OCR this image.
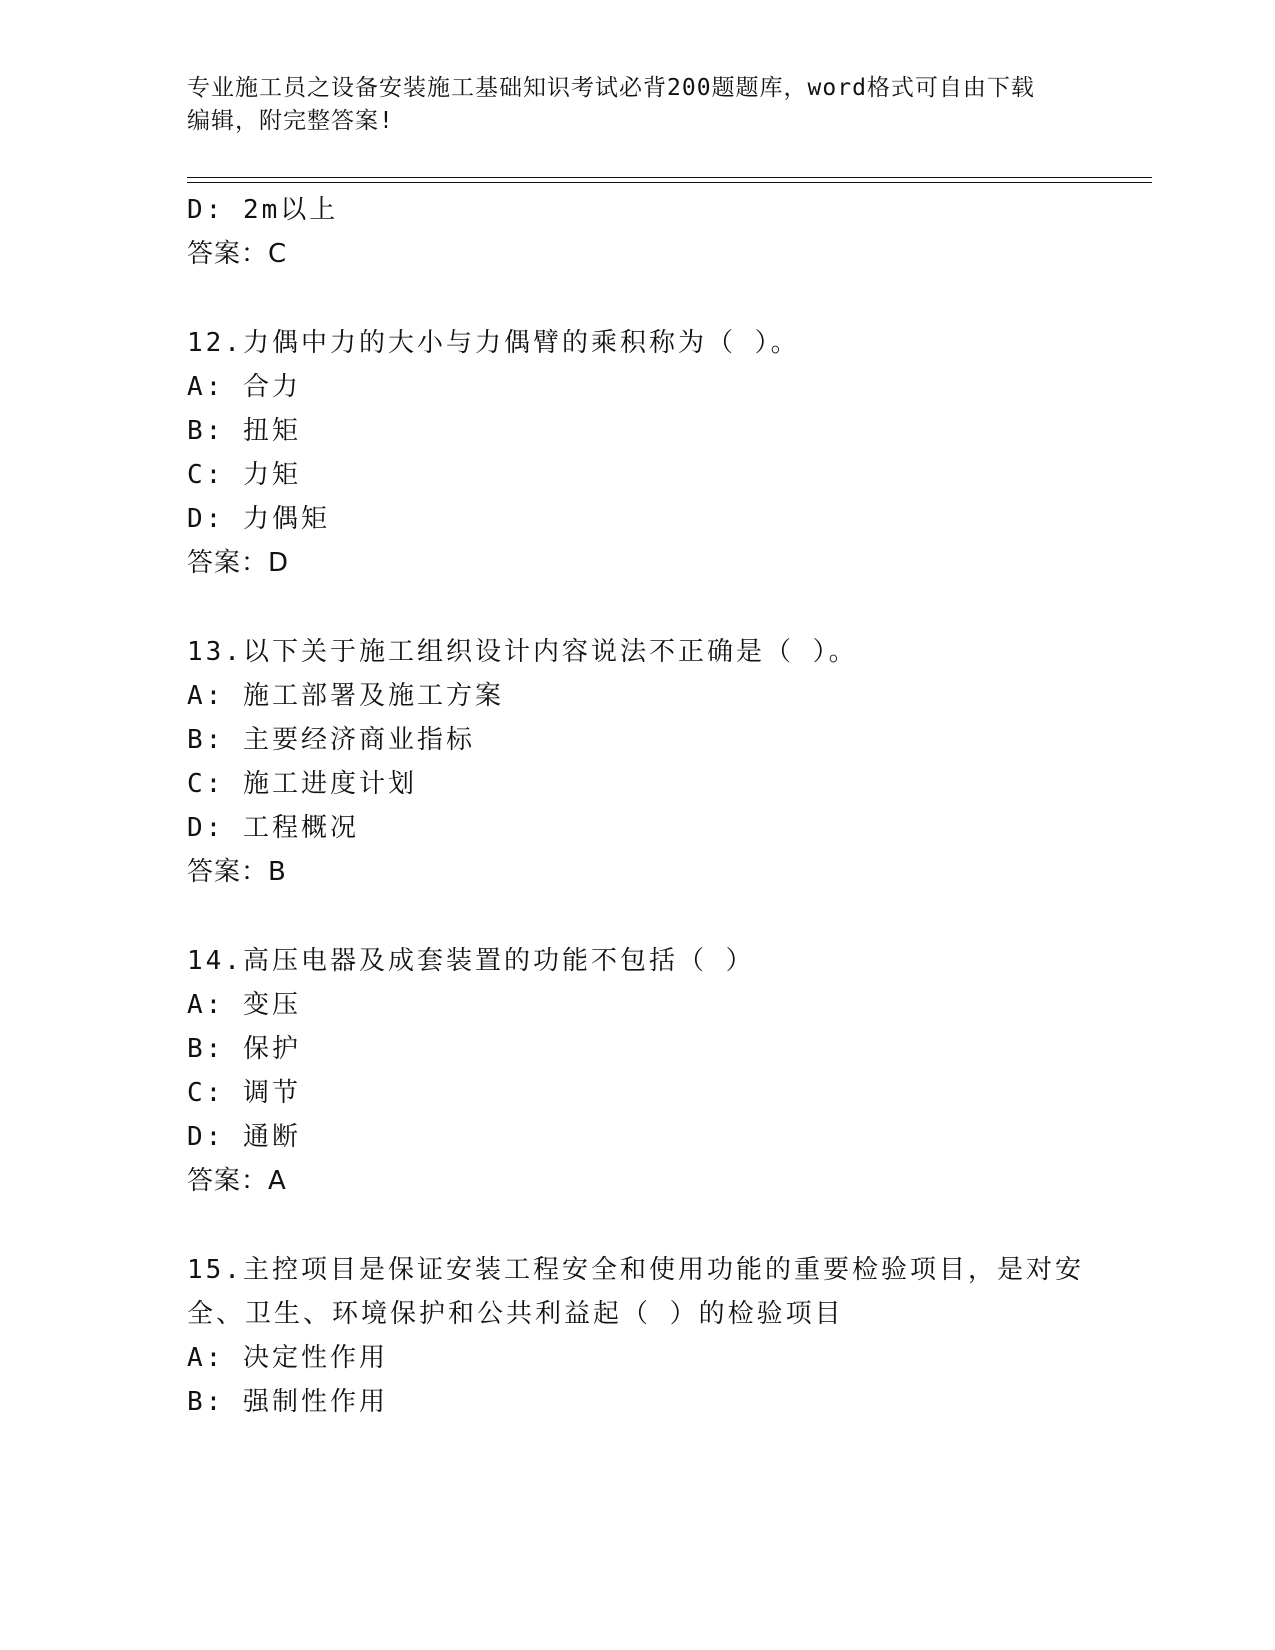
专业施工员之设备安装施工基础知识考试必背200题题库，word格式可自由下载
编辑，附完整答案!
D: 2m以上
答案：C
12.力偶中力的大小与力偶臂的乘积称为（ ）。
A: 合力
B: 扭矩
C: 力矩
D: 力偶矩
答案：D
13.以下关于施工组织设计内容说法不正确是（ ）。
A: 施工部署及施工方案
B: 主要经济商业指标
C: 施工进度计划
D: 工程概况
答案：B
14.高压电器及成套装置的功能不包括（ ）
A: 变压
B: 保护
C: 调节
D: 通断
答案：A
15.主控项目是保证安装工程安全和使用功能的重要检验项目，是对安
全、卫生、环境保护和公共利益起（ ）的检验项目
A: 决定性作用
B: 强制性作用
